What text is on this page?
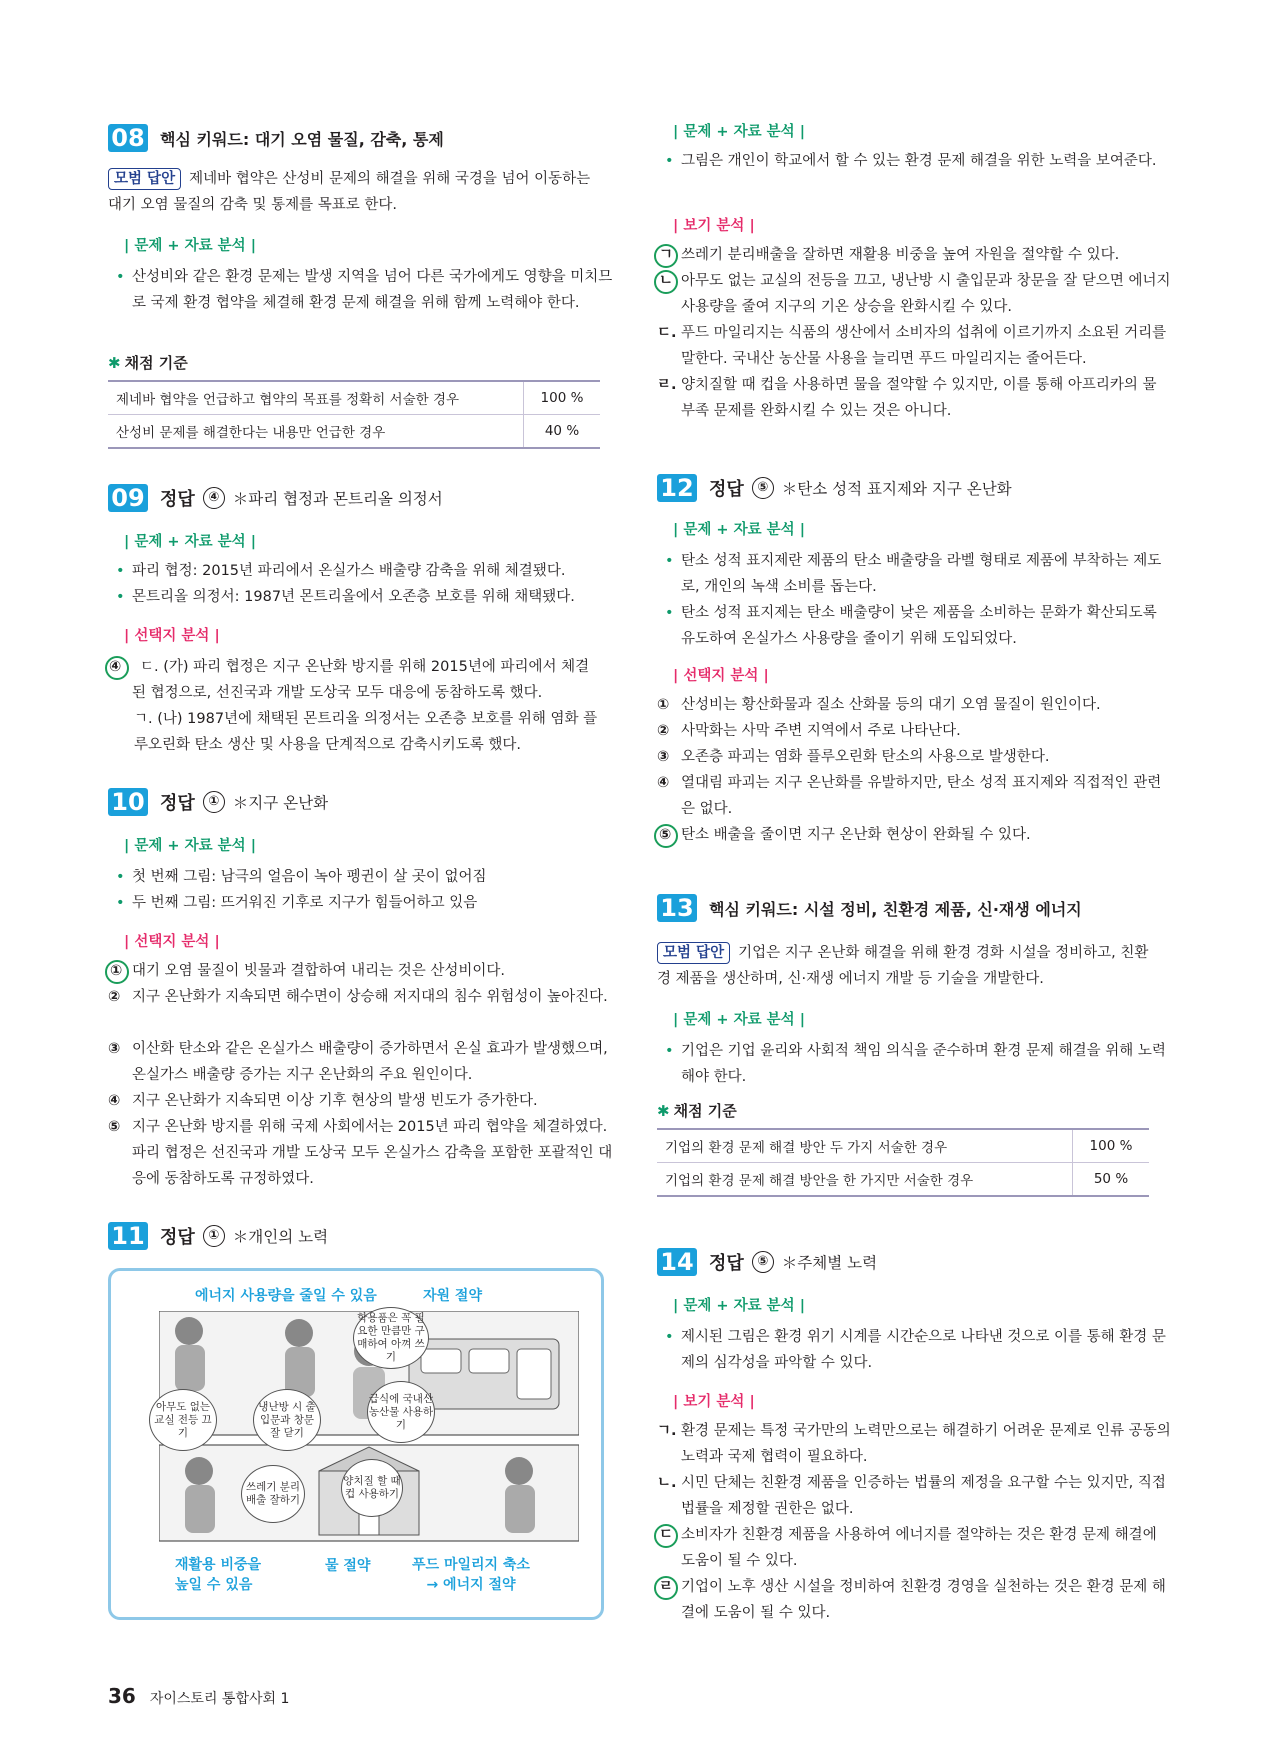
08 핵심 키워드: 대기 오염 물질, 감축, 통제
모범 답안 제네바 협약은 산성비 문제의 해결을 위해 국경을 넘어 이동하는 대기 오염 물질의 감축 및 통제를 목표로 한다.
| 문제 + 자료 분석 |
• 산성비와 같은 환경 문제는 발생 지역을 넘어 다른 국가에게도 영향을 미치므로 국제 환경 협약을 체결해 환경 문제 해결을 위해 함께 노력해야 한다.
✱ 채점 기준
제네바 협약을 언급하고 협약의 목표를 정확히 서술한 경우	100 %
산성비 문제를 해결한다는 내용만 언급한 경우	40 %
09 정답	④ ＊파리 협정과 몬트리올 의정서
| 문제 + 자료 분석 |
• 파리 협정: 2015년 파리에서 온실가스 배출량 감축을 위해 체결됐다.
• 몬트리올 의정서: 1987년 몬트리올에서 오존층 보호를 위해 채택됐다.
| 선택지 분석 |
④ ㄷ. (가) 파리 협정은 지구 온난화 방지를 위해 2015년에 파리에서 체결된 협정으로, 선진국과 개발 도상국 모두 대응에 동참하도록 했다.
ㄱ. (나) 1987년에 채택된 몬트리올 의정서는 오존층 보호를 위해 염화 플루오린화 탄소 생산 및 사용을 단계적으로 감축시키도록 했다.
10 정답	① ＊지구 온난화
| 문제 + 자료 분석 |
• 첫 번째 그림: 남극의 얼음이 녹아 펭귄이 살 곳이 없어짐
• 두 번째 그림: 뜨거워진 기후로 지구가 힘들어하고 있음
| 선택지 분석 |
① 대기 오염 물질이 빗물과 결합하여 내리는 것은 산성비이다.
② 지구 온난화가 지속되면 해수면이 상승해 저지대의 침수 위험성이 높아진다.
③ 이산화 탄소와 같은 온실가스 배출량이 증가하면서 온실 효과가 발생했으며, 온실가스 배출량 증가는 지구 온난화의 주요 원인이다.
④ 지구 온난화가 지속되면 이상 기후 현상의 발생 빈도가 증가한다.
⑤ 지구 온난화 방지를 위해 국제 사회에서는 2015년 파리 협약을 체결하였다. 파리 협정은 선진국과 개발 도상국 모두 온실가스 감축을 포함한 포괄적인 대응에 동참하도록 규정하였다.
11 정답	① ＊개인의 노력
에너지 사용량을 줄일 수 있음	자원 절약
학용품은 꼭 필요한 만큼만 구매하여 아껴 쓰기
아무도 없는 교실 전등 끄기
냉난방 시 출입문과 창문 잘 닫기
급식에 국내산 농산물 사용하기
쓰레기 분리배출 잘하기
양치질 할 때 컵 사용하기
재활용 비중을 높일 수 있음
물 절약	푸드 마일리지 축소 → 에너지 절약
| 문제 + 자료 분석 |
• 그림은 개인이 학교에서 할 수 있는 환경 문제 해결을 위한 노력을 보여준다.
| 보기 분석 |
ㄱ 쓰레기 분리배출을 잘하면 재활용 비중을 높여 자원을 절약할 수 있다.
ㄴ 아무도 없는 교실의 전등을 끄고, 냉난방 시 출입문과 창문을 잘 닫으면 에너지 사용량을 줄여 지구의 기온 상승을 완화시킬 수 있다.
ㄷ. 푸드 마일리지는 식품의 생산에서 소비자의 섭취에 이르기까지 소요된 거리를 말한다. 국내산 농산물 사용을 늘리면 푸드 마일리지는 줄어든다.
ㄹ. 양치질할 때 컵을 사용하면 물을 절약할 수 있지만, 이를 통해 아프리카의 물 부족 문제를 완화시킬 수 있는 것은 아니다.
12 정답	⑤ ＊탄소 성적 표지제와 지구 온난화
| 문제 + 자료 분석 |
• 탄소 성적 표지제란 제품의 탄소 배출량을 라벨 형태로 제품에 부착하는 제도로, 개인의 녹색 소비를 돕는다.
• 탄소 성적 표지제는 탄소 배출량이 낮은 제품을 소비하는 문화가 확산되도록 유도하여 온실가스 사용량을 줄이기 위해 도입되었다.
| 선택지 분석 |
① 산성비는 황산화물과 질소 산화물 등의 대기 오염 물질이 원인이다.
② 사막화는 사막 주변 지역에서 주로 나타난다.
③ 오존층 파괴는 염화 플루오린화 탄소의 사용으로 발생한다.
④ 열대림 파괴는 지구 온난화를 유발하지만, 탄소 성적 표지제와 직접적인 관련은 없다.
⑤ 탄소 배출을 줄이면 지구 온난화 현상이 완화될 수 있다.
13 핵심 키워드: 시설 정비, 친환경 제품, 신·재생 에너지
모범 답안 기업은 지구 온난화 해결을 위해 환경 경화 시설을 정비하고, 친환경 제품을 생산하며, 신·재생 에너지 개발 등 기술을 개발한다.
| 문제 + 자료 분석 |
• 기업은 기업 윤리와 사회적 책임 의식을 준수하며 환경 문제 해결을 위해 노력해야 한다.
✱ 채점 기준
기업의 환경 문제 해결 방안 두 가지 서술한 경우	100 %
기업의 환경 문제 해결 방안을 한 가지만 서술한 경우	50 %
14 정답	⑤ ＊주체별 노력
| 문제 + 자료 분석 |
• 제시된 그림은 환경 위기 시계를 시간순으로 나타낸 것으로 이를 통해 환경 문제의 심각성을 파악할 수 있다.
| 보기 분석 |
ㄱ. 환경 문제는 특정 국가만의 노력만으로는 해결하기 어려운 문제로 인류 공동의 노력과 국제 협력이 필요하다.
ㄴ. 시민 단체는 친환경 제품을 인증하는 법률의 제정을 요구할 수는 있지만, 직접 법률을 제정할 권한은 없다.
ㄷ 소비자가 친환경 제품을 사용하여 에너지를 절약하는 것은 환경 문제 해결에 도움이 될 수 있다.
ㄹ 기업이 노후 생산 시설을 정비하여 친환경 경영을 실천하는 것은 환경 문제 해결에 도움이 될 수 있다.
36 자이스토리 통합사회 1
